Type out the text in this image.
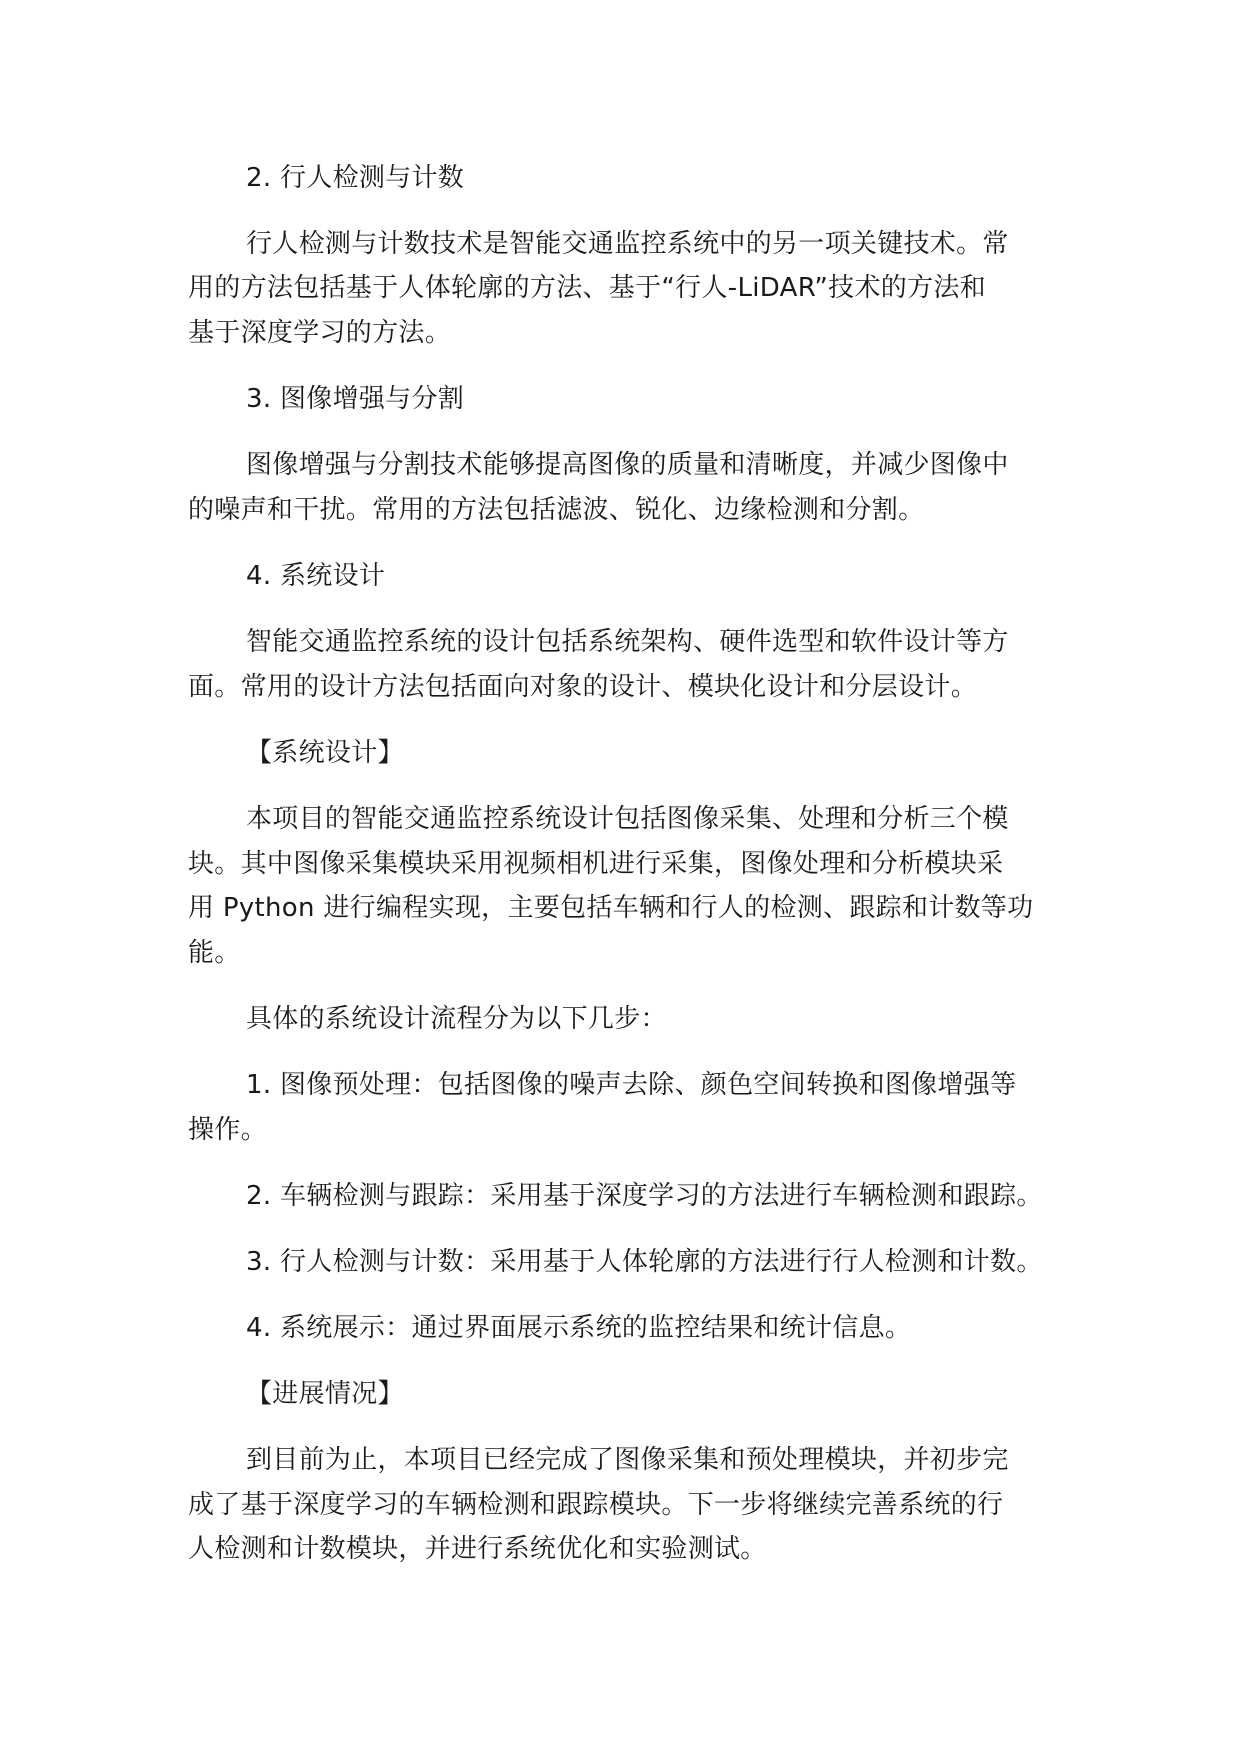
2. 行人检测与计数
行人检测与计数技术是智能交通监控系统中的另一项关键技术。常
用的方法包括基于人体轮廓的方法、基于“行人-LiDAR”技术的方法和
基于深度学习的方法。
3. 图像增强与分割
图像增强与分割技术能够提高图像的质量和清晰度，并减少图像中
的噪声和干扰。常用的方法包括滤波、锐化、边缘检测和分割。
4. 系统设计
智能交通监控系统的设计包括系统架构、硬件选型和软件设计等方
面。常用的设计方法包括面向对象的设计、模块化设计和分层设计。
【系统设计】
本项目的智能交通监控系统设计包括图像采集、处理和分析三个模
块。其中图像采集模块采用视频相机进行采集，图像处理和分析模块采
用 Python 进行编程实现，主要包括车辆和行人的检测、跟踪和计数等功
能。
具体的系统设计流程分为以下几步：
1. 图像预处理：包括图像的噪声去除、颜色空间转换和图像增强等
操作。
2. 车辆检测与跟踪：采用基于深度学习的方法进行车辆检测和跟踪。
3. 行人检测与计数：采用基于人体轮廓的方法进行行人检测和计数。
4. 系统展示：通过界面展示系统的监控结果和统计信息。
【进展情况】
到目前为止，本项目已经完成了图像采集和预处理模块，并初步完
成了基于深度学习的车辆检测和跟踪模块。下一步将继续完善系统的行
人检测和计数模块，并进行系统优化和实验测试。
